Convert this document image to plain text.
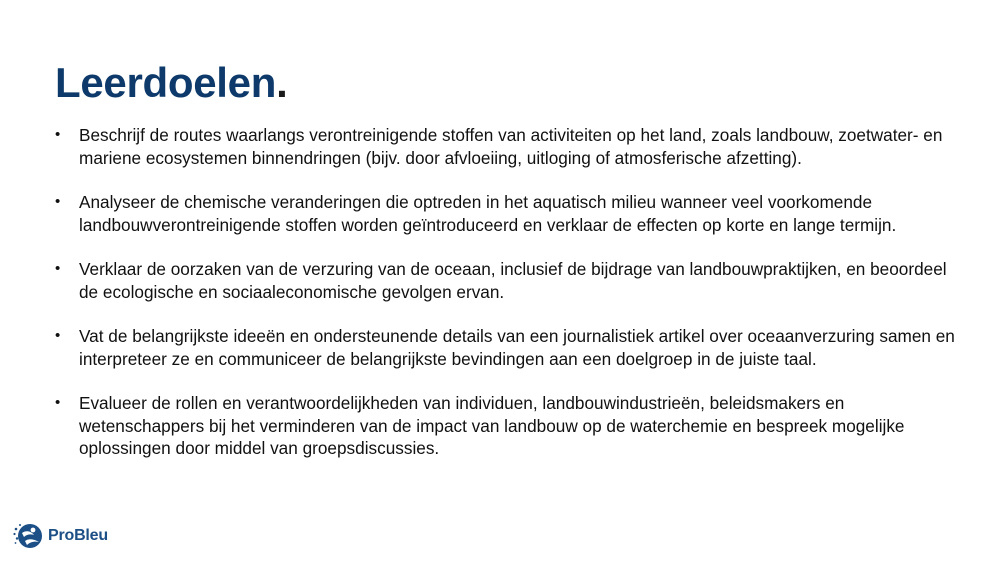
Leerdoelen.
• Beschrijf de routes waarlangs verontreinigende stoffen van activiteiten op het land, zoals landbouw, zoetwater- en mariene ecosystemen binnendringen (bijv. door afvloeiing, uitloging of atmosferische afzetting).
• Analyseer de chemische veranderingen die optreden in het aquatisch milieu wanneer veel voorkomende landbouwverontreinigende stoffen worden geïntroduceerd en verklaar de effecten op korte en lange termijn.
• Verklaar de oorzaken van de verzuring van de oceaan, inclusief de bijdrage van landbouwpraktijken, en beoordeel de ecologische en sociaaleconomische gevolgen ervan.
• Vat de belangrijkste ideeën en ondersteunende details van een journalistiek artikel over oceaanverzuring samen en interpreteer ze en communiceer de belangrijkste bevindingen aan een doelgroep in de juiste taal.
• Evalueer de rollen en verantwoordelijkheden van individuen, landbouwindustrieën, beleidsmakers en wetenschappers bij het verminderen van de impact van landbouw op de waterchemie en bespreek mogelijke oplossingen door middel van groepsdiscussies.
ProBleu
